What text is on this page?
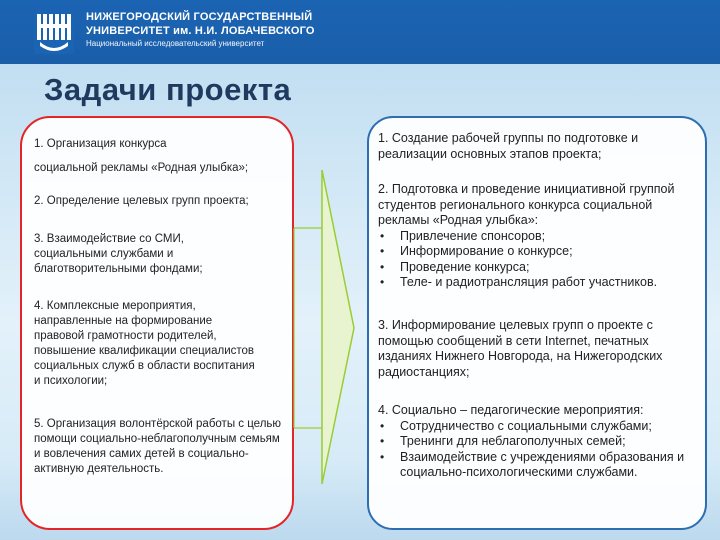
НИЖЕГОРОДСКИЙ ГОСУДАРСТВЕННЫЙ
УНИВЕРСИТЕТ им. Н.И. ЛОБАЧЕВСКОГО
Национальный исследовательский университет
Задачи проекта
1. Организация конкурса
социальной рекламы «Родная улыбка»;
2. Определение целевых групп проекта;
3. Взаимодействие со СМИ, социальными службами и благотворительными фондами;
4. Комплексные мероприятия, направленные на формирование правовой грамотности родителей, повышение квалификации специалистов социальных служб в области воспитания и психологии;
5. Организация волонтёрской работы с целью помощи социально-неблагополучным семьям и вовлечения самих детей в социально-активную деятельность.
1. Создание рабочей группы по подготовке и реализации основных этапов проекта;
2. Подготовка и проведение инициативной группой студентов регионального конкурса социальной рекламы «Родная улыбка»:
• Привлечение спонсоров;
• Информирование о конкурсе;
• Проведение конкурса;
• Теле- и радиотрансляция работ участников.
3. Информирование целевых групп о проекте с помощью сообщений в сети Internet, печатных изданиях Нижнего Новгорода, на Нижегородских радиостанциях;
4. Социально – педагогические мероприятия:
• Сотрудничество с социальными службами;
• Тренинги для неблагополучных семей;
• Взаимодействие с учреждениями образования и социально-психологическими службами.
